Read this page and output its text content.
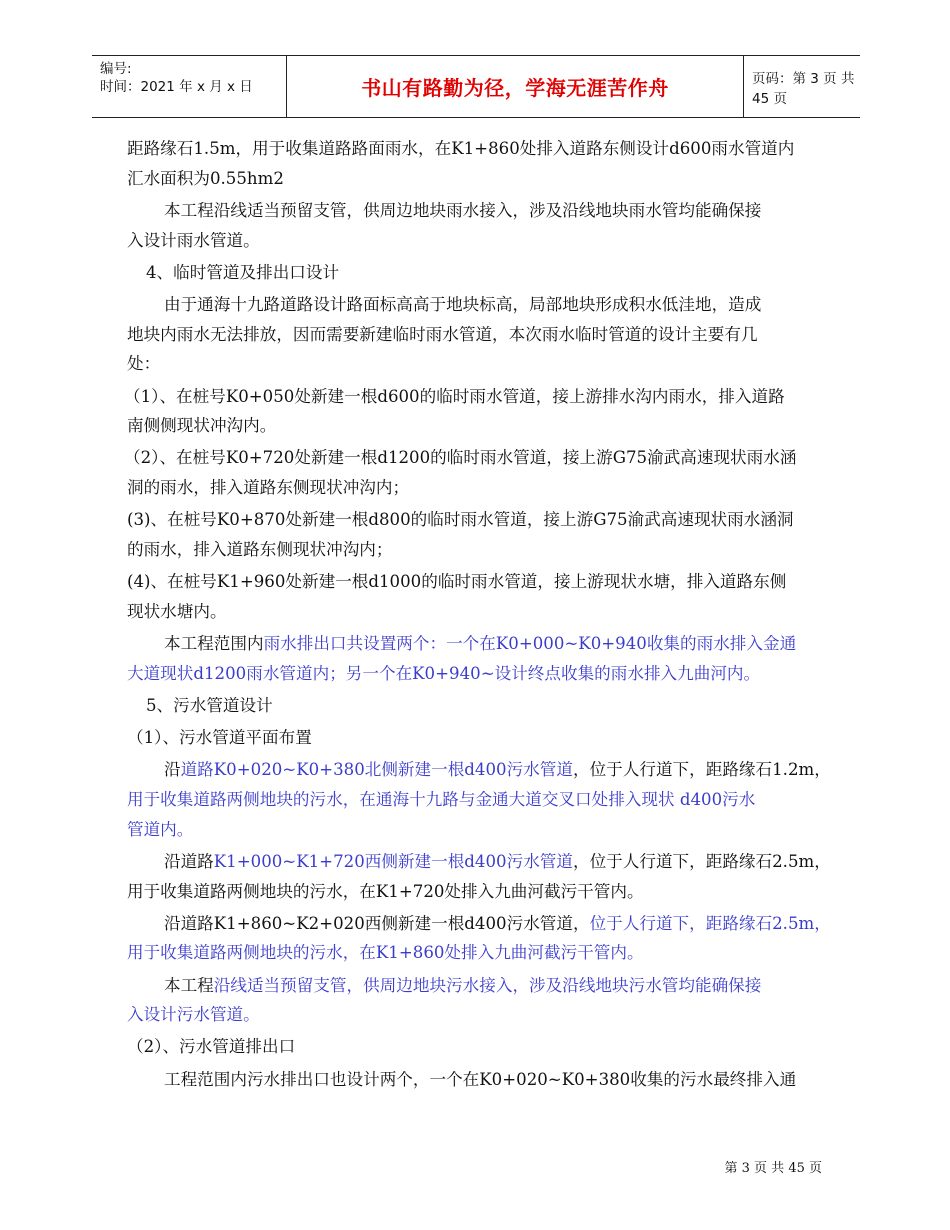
编号:
时间：2021 年 x 月 x 日	书山有路勤为径，学海无涯苦作舟	页码：第 3 页 共 45 页
距路缘石1.5m，用于收集道路路面雨水，在K1+860处排入道路东侧设计d600雨水管道内
汇水面积为0.55hm2
本工程沿线适当预留支管，供周边地块雨水接入，涉及沿线地块雨水管均能确保接
入设计雨水管道。
4、临时管道及排出口设计
由于通海十九路道路设计路面标高高于地块标高，局部地块形成积水低洼地，造成
地块内雨水无法排放，因而需要新建临时雨水管道，本次雨水临时管道的设计主要有几
处：
（1）、在桩号K0+050处新建一根d600的临时雨水管道，接上游排水沟内雨水，排入道路
南侧侧现状冲沟内。
（2）、在桩号K0+720处新建一根d1200的临时雨水管道，接上游G75渝武高速现状雨水涵
洞的雨水，排入道路东侧现状冲沟内；
(3)、在桩号K0+870处新建一根d800的临时雨水管道，接上游G75渝武高速现状雨水涵洞
的雨水，排入道路东侧现状冲沟内；
(4)、在桩号K1+960处新建一根d1000的临时雨水管道，接上游现状水塘，排入道路东侧
现状水塘内。
本工程范围内雨水排出口共设置两个：一个在K0+000~K0+940收集的雨水排入金通
大道现状d1200雨水管道内；另一个在K0+940~设计终点收集的雨水排入九曲河内。
5、污水管道设计
（1）、污水管道平面布置
沿道路K0+020~K0+380北侧新建一根d400污水管道，位于人行道下，距路缘石1.2m，
用于收集道路两侧地块的污水，在通海十九路与金通大道交叉口处排入现状 d400污水
管道内。
沿道路K1+000~K1+720西侧新建一根d400污水管道，位于人行道下，距路缘石2.5m，
用于收集道路两侧地块的污水，在K1+720处排入九曲河截污干管内。
沿道路K1+860~K2+020西侧新建一根d400污水管道，位于人行道下，距路缘石2.5m，
用于收集道路两侧地块的污水，在K1+860处排入九曲河截污干管内。
本工程沿线适当预留支管，供周边地块污水接入，涉及沿线地块污水管均能确保接
入设计污水管道。
（2）、污水管道排出口
工程范围内污水排出口也设计两个，一个在K0+020~K0+380收集的污水最终排入通
第 3 页 共 45 页
